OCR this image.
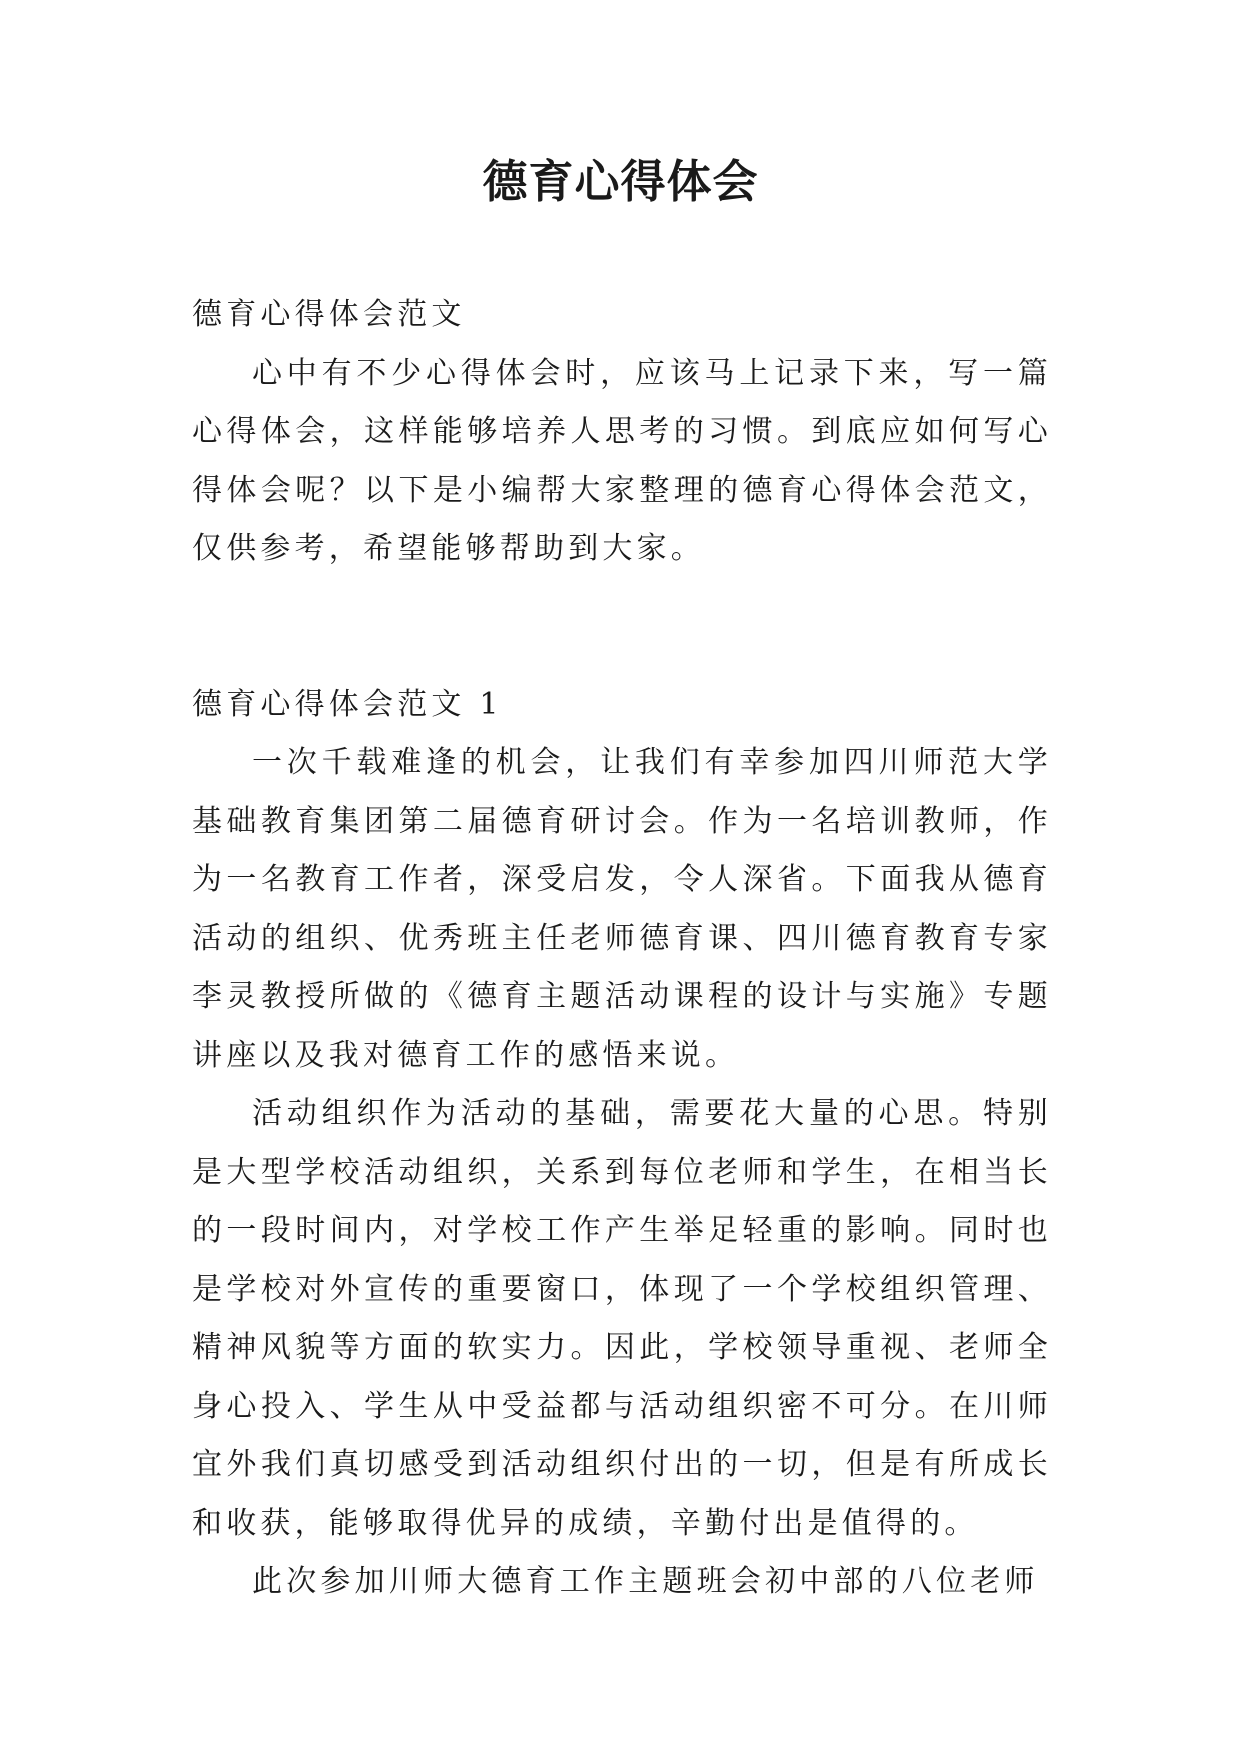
德育心得体会

德育心得体会范文

心中有不少心得体会时，应该马上记录下来，写一篇心得体会，这样能够培养人思考的习惯。到底应如何写心得体会呢？以下是小编帮大家整理的德育心得体会范文，仅供参考，希望能够帮助到大家。

德育心得体会范文 1

一次千载难逢的机会，让我们有幸参加四川师范大学基础教育集团第二届德育研讨会。作为一名培训教师，作为一名教育工作者，深受启发，令人深省。下面我从德育活动的组织、优秀班主任老师德育课、四川德育教育专家李灵教授所做的《德育主题活动课程的设计与实施》专题讲座以及我对德育工作的感悟来说。

活动组织作为活动的基础，需要花大量的心思。特别是大型学校活动组织，关系到每位老师和学生，在相当长的一段时间内，对学校工作产生举足轻重的影响。同时也是学校对外宣传的重要窗口，体现了一个学校组织管理、精神风貌等方面的软实力。因此，学校领导重视、老师全身心投入、学生从中受益都与活动组织密不可分。在川师宜外我们真切感受到活动组织付出的一切，但是有所成长和收获，能够取得优异的成绩，辛勤付出是值得的。

此次参加川师大德育工作主题班会初中部的八位老师
